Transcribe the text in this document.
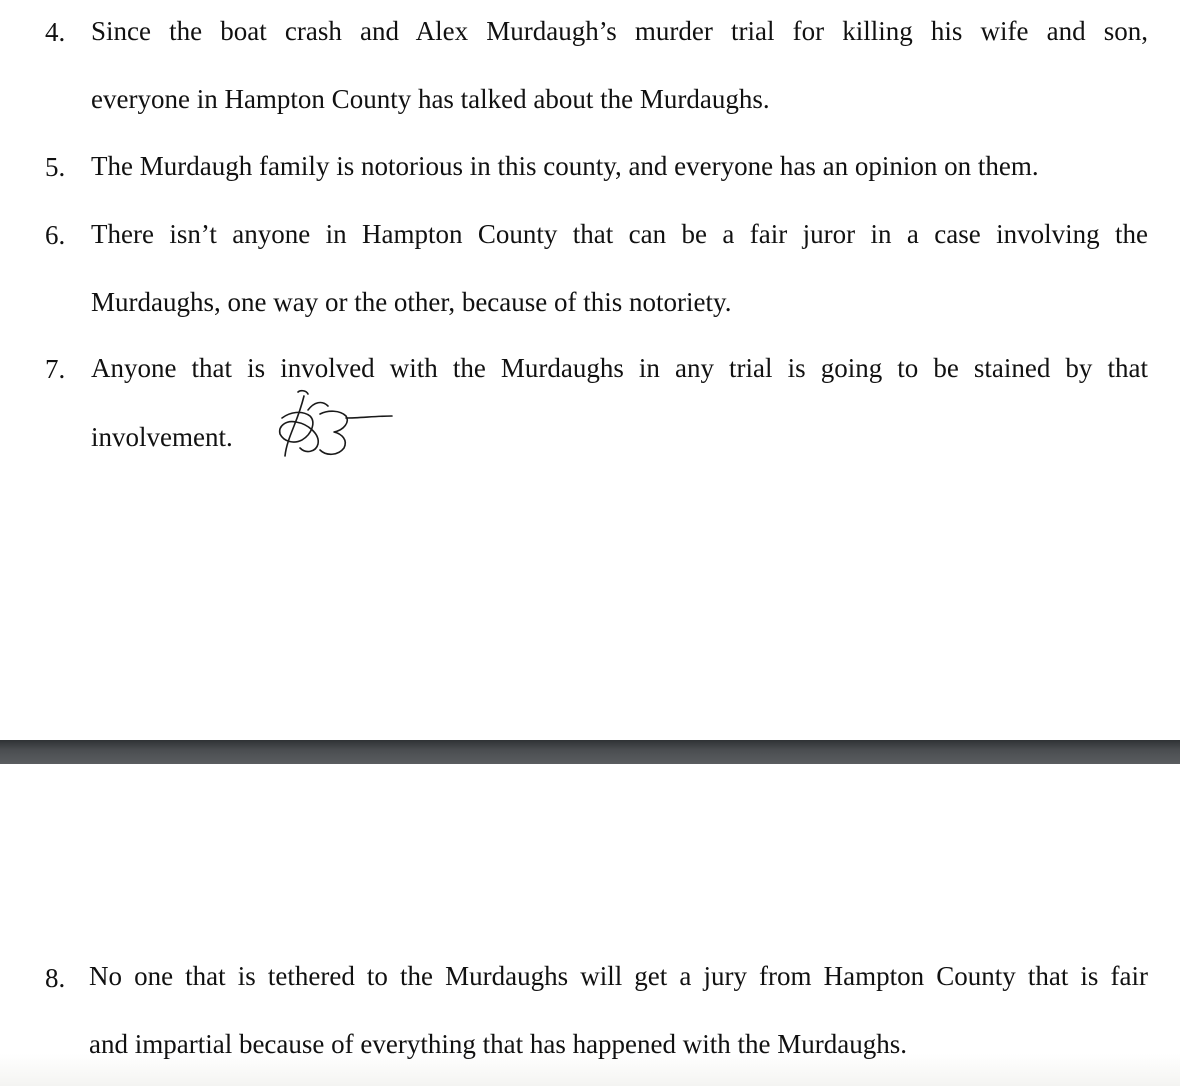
4. Since the boat crash and Alex Murdaugh’s murder trial for killing his wife and son,
everyone in Hampton County has talked about the Murdaughs.
5. The Murdaugh family is notorious in this county, and everyone has an opinion on them.
6. There isn’t anyone in Hampton County that can be a fair juror in a case involving the
Murdaughs, one way or the other, because of this notoriety.
7. Anyone that is involved with the Murdaughs in any trial is going to be stained by that
involvement.
8. No one that is tethered to the Murdaughs will get a jury from Hampton County that is fair
and impartial because of everything that has happened with the Murdaughs.
